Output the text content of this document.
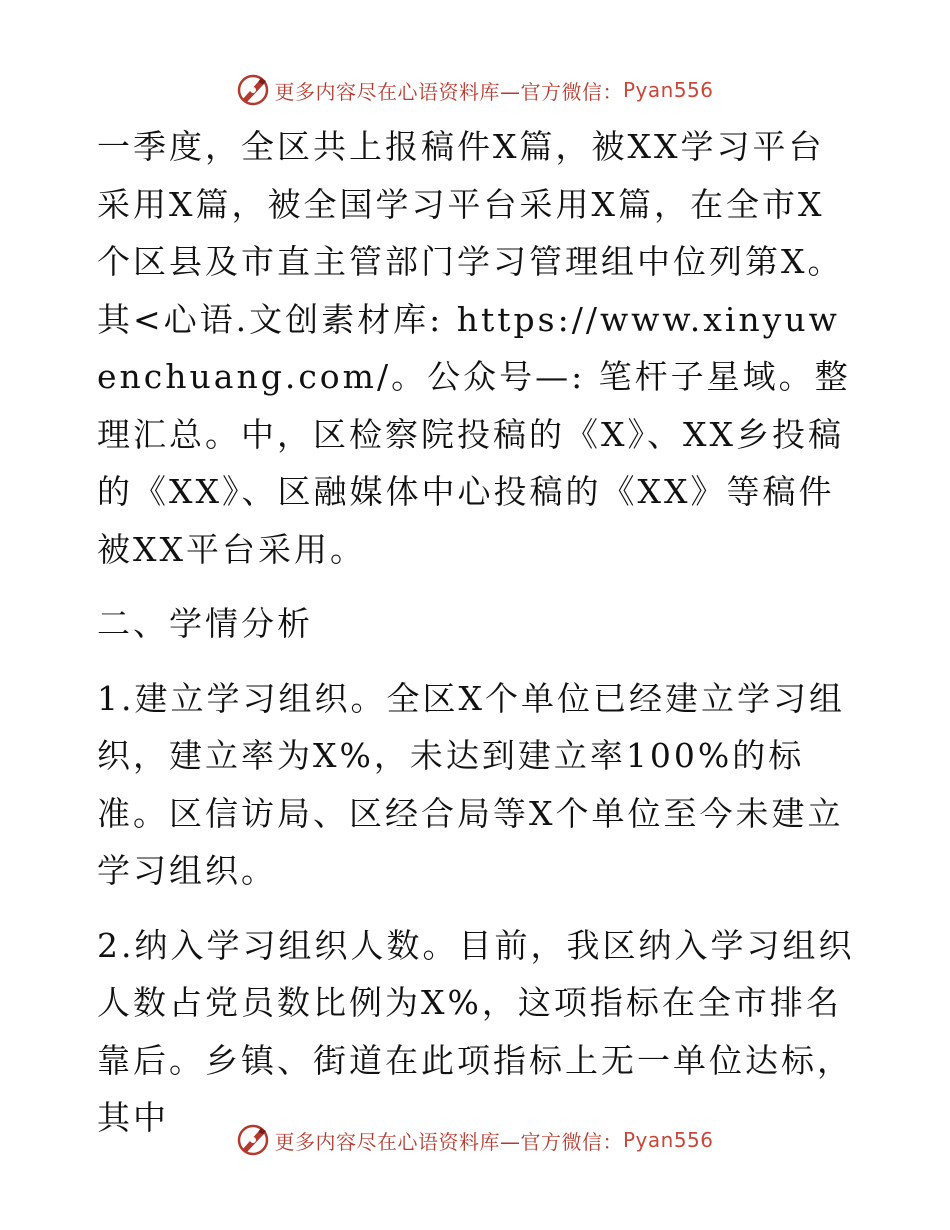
更多内容尽在心语资料库—官方微信： Pyan556

一季度，全区共上报稿件X篇，被XX学习平台采用X篇，被全国学习平台采用X篇，在全市X个区县及市直主管部门学习管理组中位列第X。其<心语.文创素材库: https://www.xinyuwenchuang.com/。公众号—: 笔杆子星域。整理汇总。中，区检察院投稿的《X》、XX乡投稿的《XX》、区融媒体中心投稿的《XX》等稿件被XX平台采用。

二、学情分析

1.建立学习组织。全区X个单位已经建立学习组织，建立率为X%，未达到建立率100%的标准。区信访局、区经合局等X个单位至今未建立学习组织。

2.纳入学习组织人数。目前，我区纳入学习组织人数占党员数比例为X%，这项指标在全市排名靠后。乡镇、街道在此项指标上无一单位达标，其中

更多内容尽在心语资料库—官方微信： Pyan556
